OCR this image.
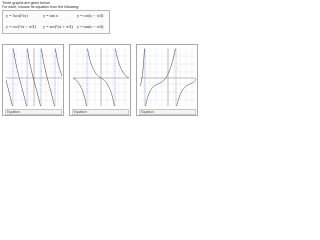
Three graphs are given below.
For each, choose its equation from the following:
y = 3cot(½x)	y = tan x	y = cot(x − π/4)
y = csc(½x − π/4) y = sec(½x + π/4) y = tan(x − π/4)
Equation:	Equation:	Equation:
